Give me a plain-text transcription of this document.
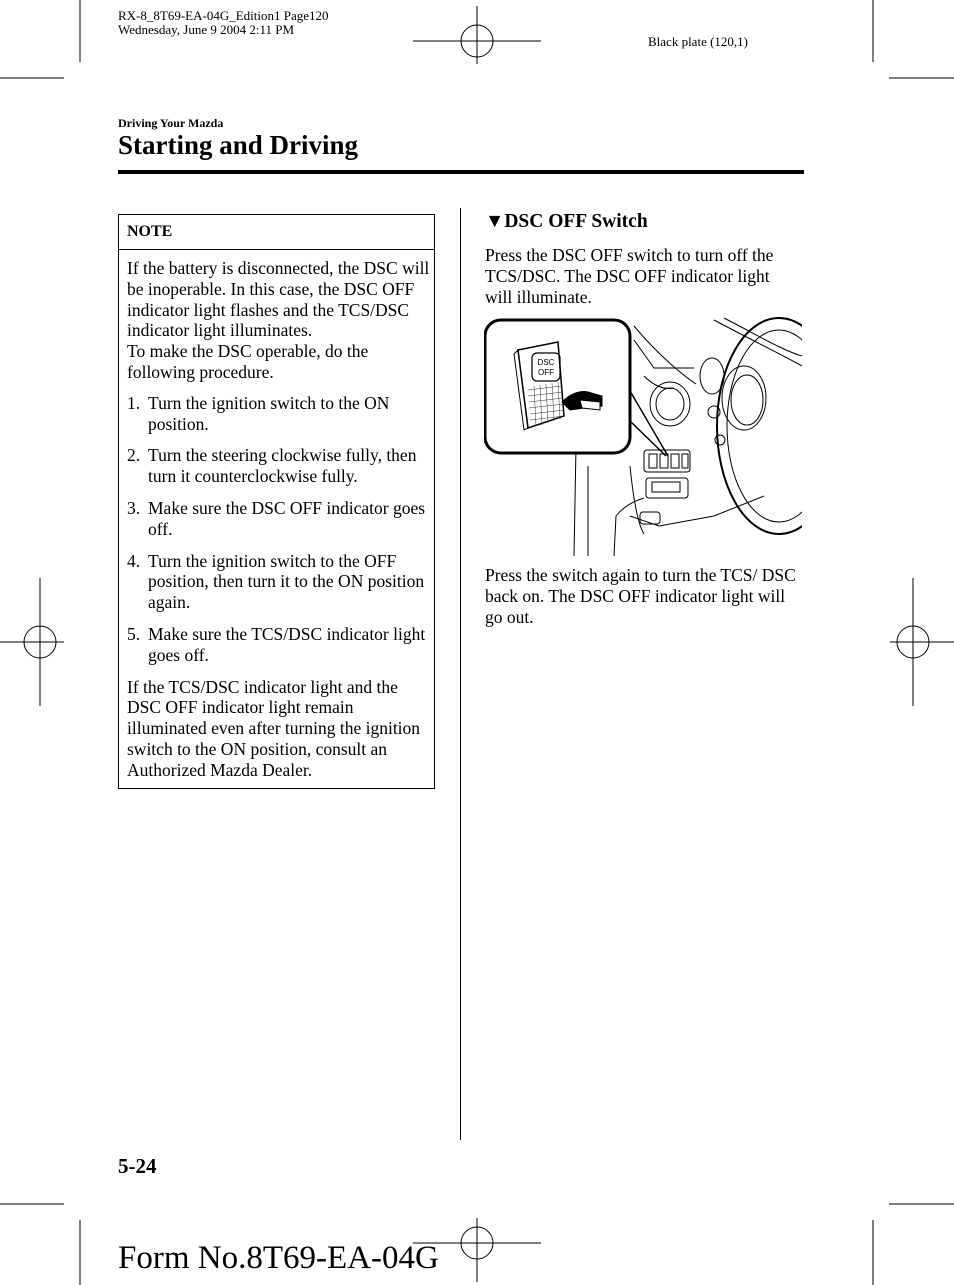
RX-8_8T69-EA-04G_Edition1 Page120
Wednesday, June 9 2004 2:11 PM
Black plate (120,1)
Driving Your Mazda
Starting and Driving
NOTE

If the battery is disconnected, the DSC will be inoperable. In this case, the DSC OFF indicator light flashes and the TCS/DSC indicator light illuminates.

To make the DSC operable, do the following procedure.

1. Turn the ignition switch to the ON position.
2. Turn the steering clockwise fully, then turn it counterclockwise fully.
3. Make sure the DSC OFF indicator goes off.
4. Turn the ignition switch to the OFF position, then turn it to the ON position again.
5. Make sure the TCS/DSC indicator light goes off.

If the TCS/DSC indicator light and the DSC OFF indicator light remain illuminated even after turning the ignition switch to the ON position, consult an Authorized Mazda Dealer.

▼DSC OFF Switch
Press the DSC OFF switch to turn off the TCS/DSC. The DSC OFF indicator light will illuminate.
DSC
OFF
Press the switch again to turn the TCS/ DSC back on. The DSC OFF indicator light will go out.
5-24
Form No.8T69-EA-04G
